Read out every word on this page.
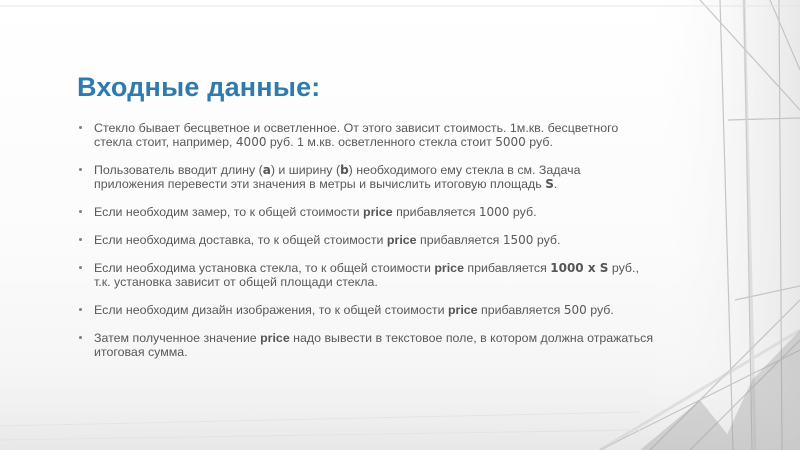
Входные данные:
Стекло бывает бесцветное и осветленное. От этого зависит стоимость. 1м.кв. бесцветного стекла стоит, например, 4000 руб. 1 м.кв. осветленного стекла стоит 5000 руб.
Пользователь вводит длину (a) и ширину (b) необходимого ему стекла в см. Задача приложения перевести эти значения в метры и вычислить итоговую площадь S.
Если необходим замер, то к общей стоимости price прибавляется 1000 руб.
Если необходима доставка, то к общей стоимости price прибавляется 1500 руб.
Если необходима установка стекла, то к общей стоимости price прибавляется 1000 x S руб., т.к. установка зависит от общей площади стекла.
Если необходим дизайн изображения, то к общей стоимости price прибавляется 500 руб.
Затем полученное значение price надо вывести в текстовое поле, в котором должна отражаться итоговая сумма.
